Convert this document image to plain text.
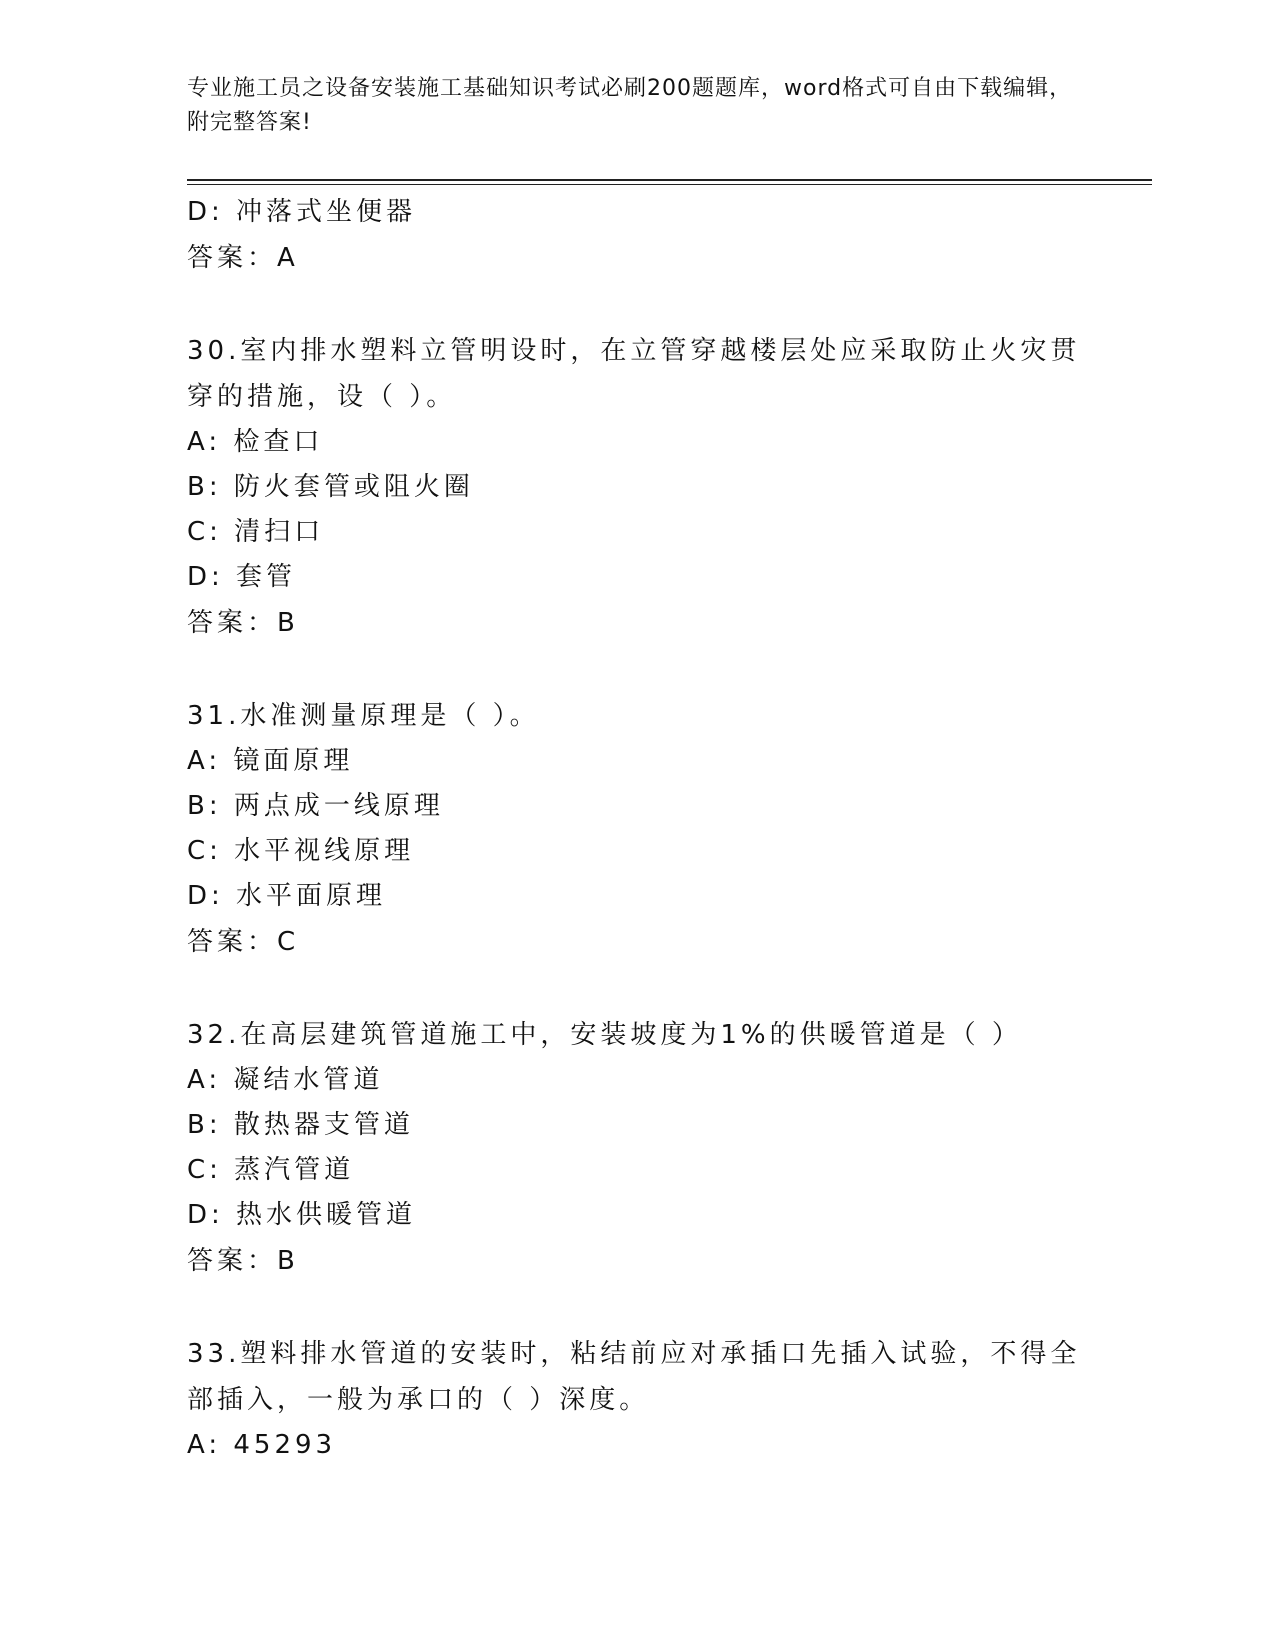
专业施工员之设备安装施工基础知识考试必刷200题题库，word格式可自由下载编辑，附完整答案!
D: 冲落式坐便器
答案：A
30.室内排水塑料立管明设时，在立管穿越楼层处应采取防止火灾贯穿的措施，设（ ）。
A: 检查口
B: 防火套管或阻火圈
C: 清扫口
D: 套管
答案：B
31.水准测量原理是（ ）。
A: 镜面原理
B: 两点成一线原理
C: 水平视线原理
D: 水平面原理
答案：C
32.在高层建筑管道施工中，安装坡度为1%的供暖管道是（ ）
A: 凝结水管道
B: 散热器支管道
C: 蒸汽管道
D: 热水供暖管道
答案：B
33.塑料排水管道的安装时，粘结前应对承插口先插入试验，不得全部插入，一般为承口的（ ）深度。
A: 45293
